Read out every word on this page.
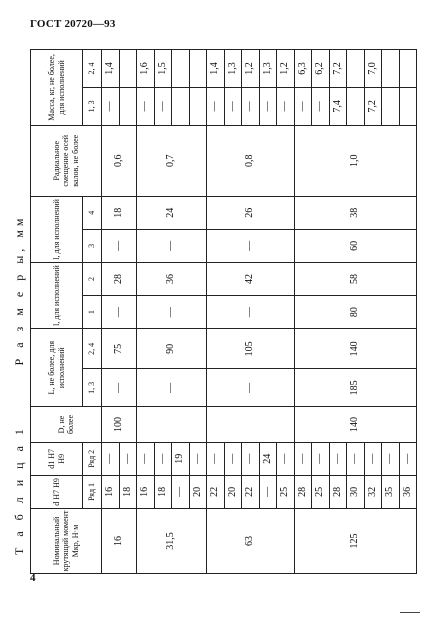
ГОСТ 20720—93
Т а б л и ц а 1
Р а з м е р ы, мм
Номинальный крутящий момент Мкр, Н·м	d H7 H9	d1 H7 H9	D, не более	L, не более, для исполнений		l, для исполнений		l, для исполнений		Радиальное смещение осей валов, не более	Масса, кг, не более, для исполнений	
	Ряд 1	Ряд 2		1, 3	2, 4	1	2	3	4		1, 3	2, 4
16	16	—	100	—	75	—	28	—	18	0,6	—	1,4
	18	—										
31,5	16	—		—	90	—	36	—	24	0,7	—	1,6
	18	—									—	1,5
	—	19										
	20	—										
63	22	—		—	105	—	42	—	26	0,8	—	1,4
	20	—									—	1,3
	22	—									—	1,2
	—	24									—	1,3
	25	—									—	1,2
125	28	—	140	185	140	80	58	60	38	1,0	—	6,3
	25	—									—	6,2
	28	—									7,4	7,2
	30	—										
	32	—									7,2	7,0
	35	—										
	36	—										
4
